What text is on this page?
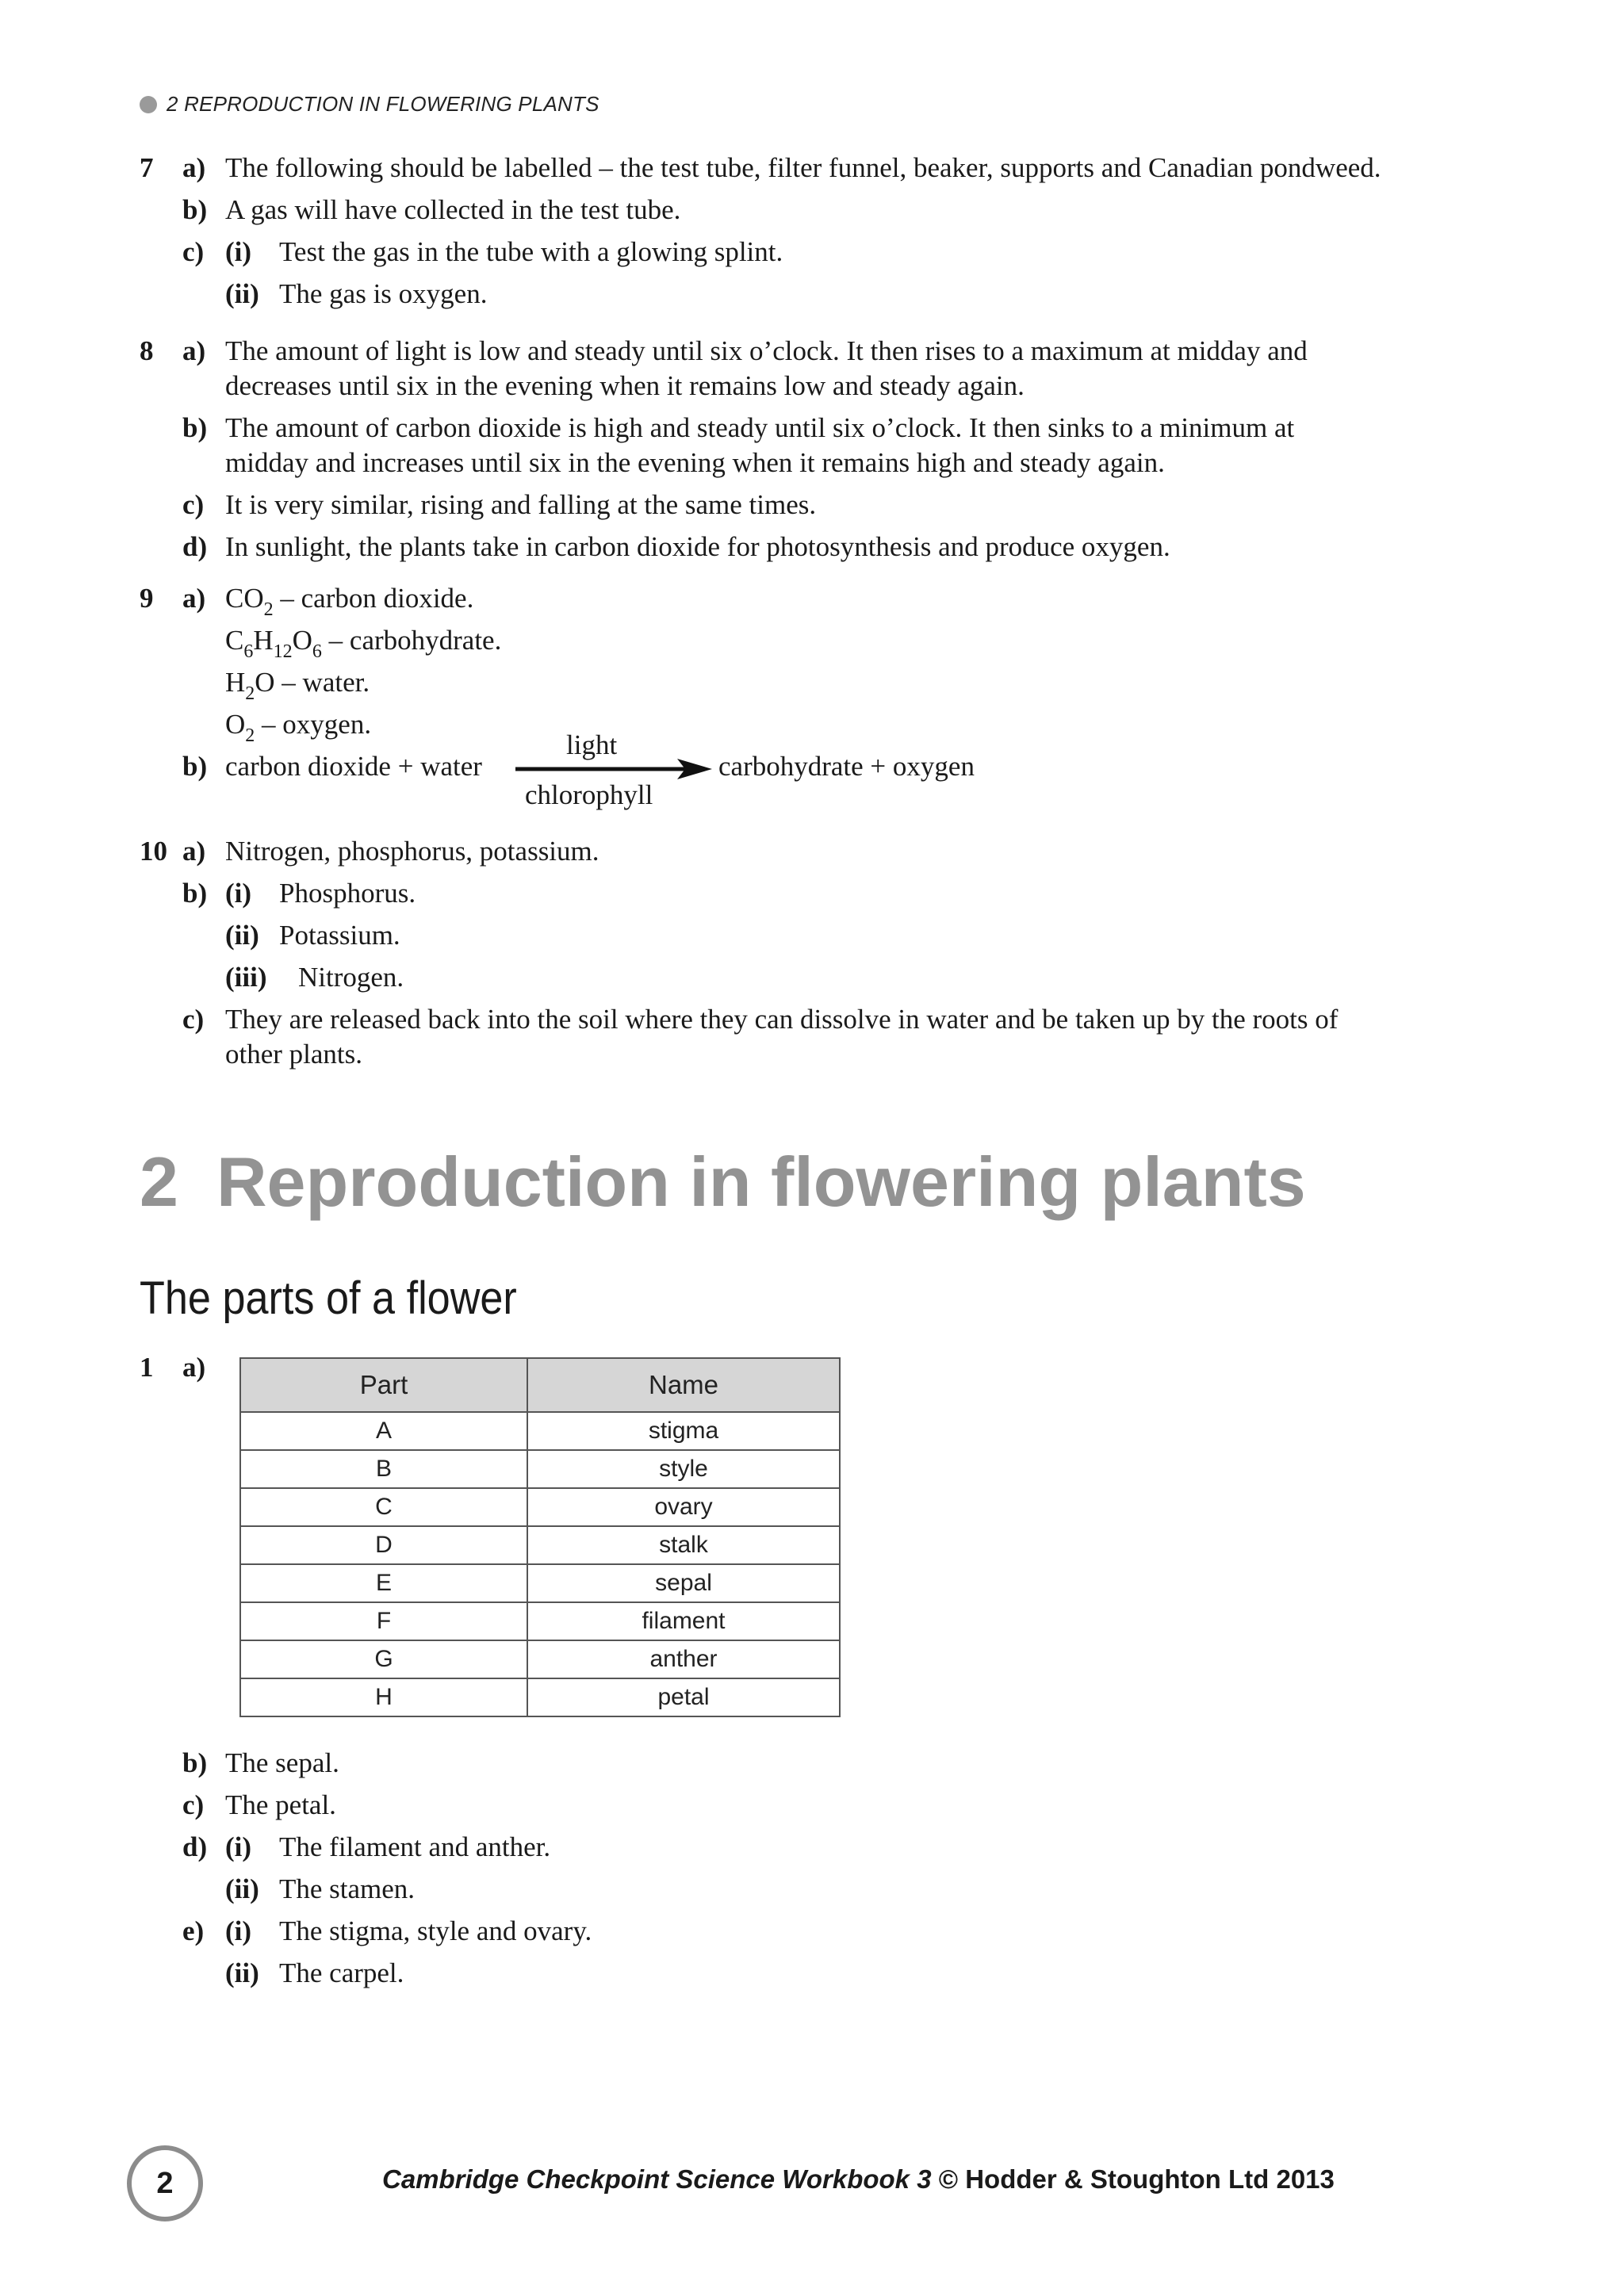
2 REPRODUCTION IN FLOWERING PLANTS
7 a) The following should be labelled – the test tube, filter funnel, beaker, supports and Canadian pondweed.
b) A gas will have collected in the test tube.
c) (i) Test the gas in the tube with a glowing splint.
(ii) The gas is oxygen.
8 a) The amount of light is low and steady until six o’clock. It then rises to a maximum at midday and
decreases until six in the evening when it remains low and steady again.
b) The amount of carbon dioxide is high and steady until six o’clock. It then sinks to a minimum at
midday and increases until six in the evening when it remains high and steady again.
c) It is very similar, rising and falling at the same times.
d) In sunlight, the plants take in carbon dioxide for photosynthesis and produce oxygen.
9 a) $CO_2$ – carbon dioxide.
$C_6H_{12}O_6$ – carbohydrate.
$H_2O$ – water.
$O_2$ – oxygen.
b) carbon dioxide + water
light
chlorophyll
carbohydrate + oxygen
10 a) Nitrogen, phosphorus, potassium.
b) (i) Phosphorus.
(ii) Potassium.
(iii) Nitrogen.
c) They are released back into the soil where they can dissolve in water and be taken up by the roots of
other plants.
2 Reproduction in flowering plants
The parts of a flower
1 a)
Part	Name
A	stigma
B	style
C	ovary
D	stalk
E	sepal
F	filament
G	anther
H	petal
b) The sepal.
c) The petal.
d) (i) The filament and anther.
(ii) The stamen.
e) (i) The stigma, style and ovary.
(ii) The carpel.
2	Cambridge Checkpoint Science Workbook 3 © Hodder & Stoughton Ltd 2013
